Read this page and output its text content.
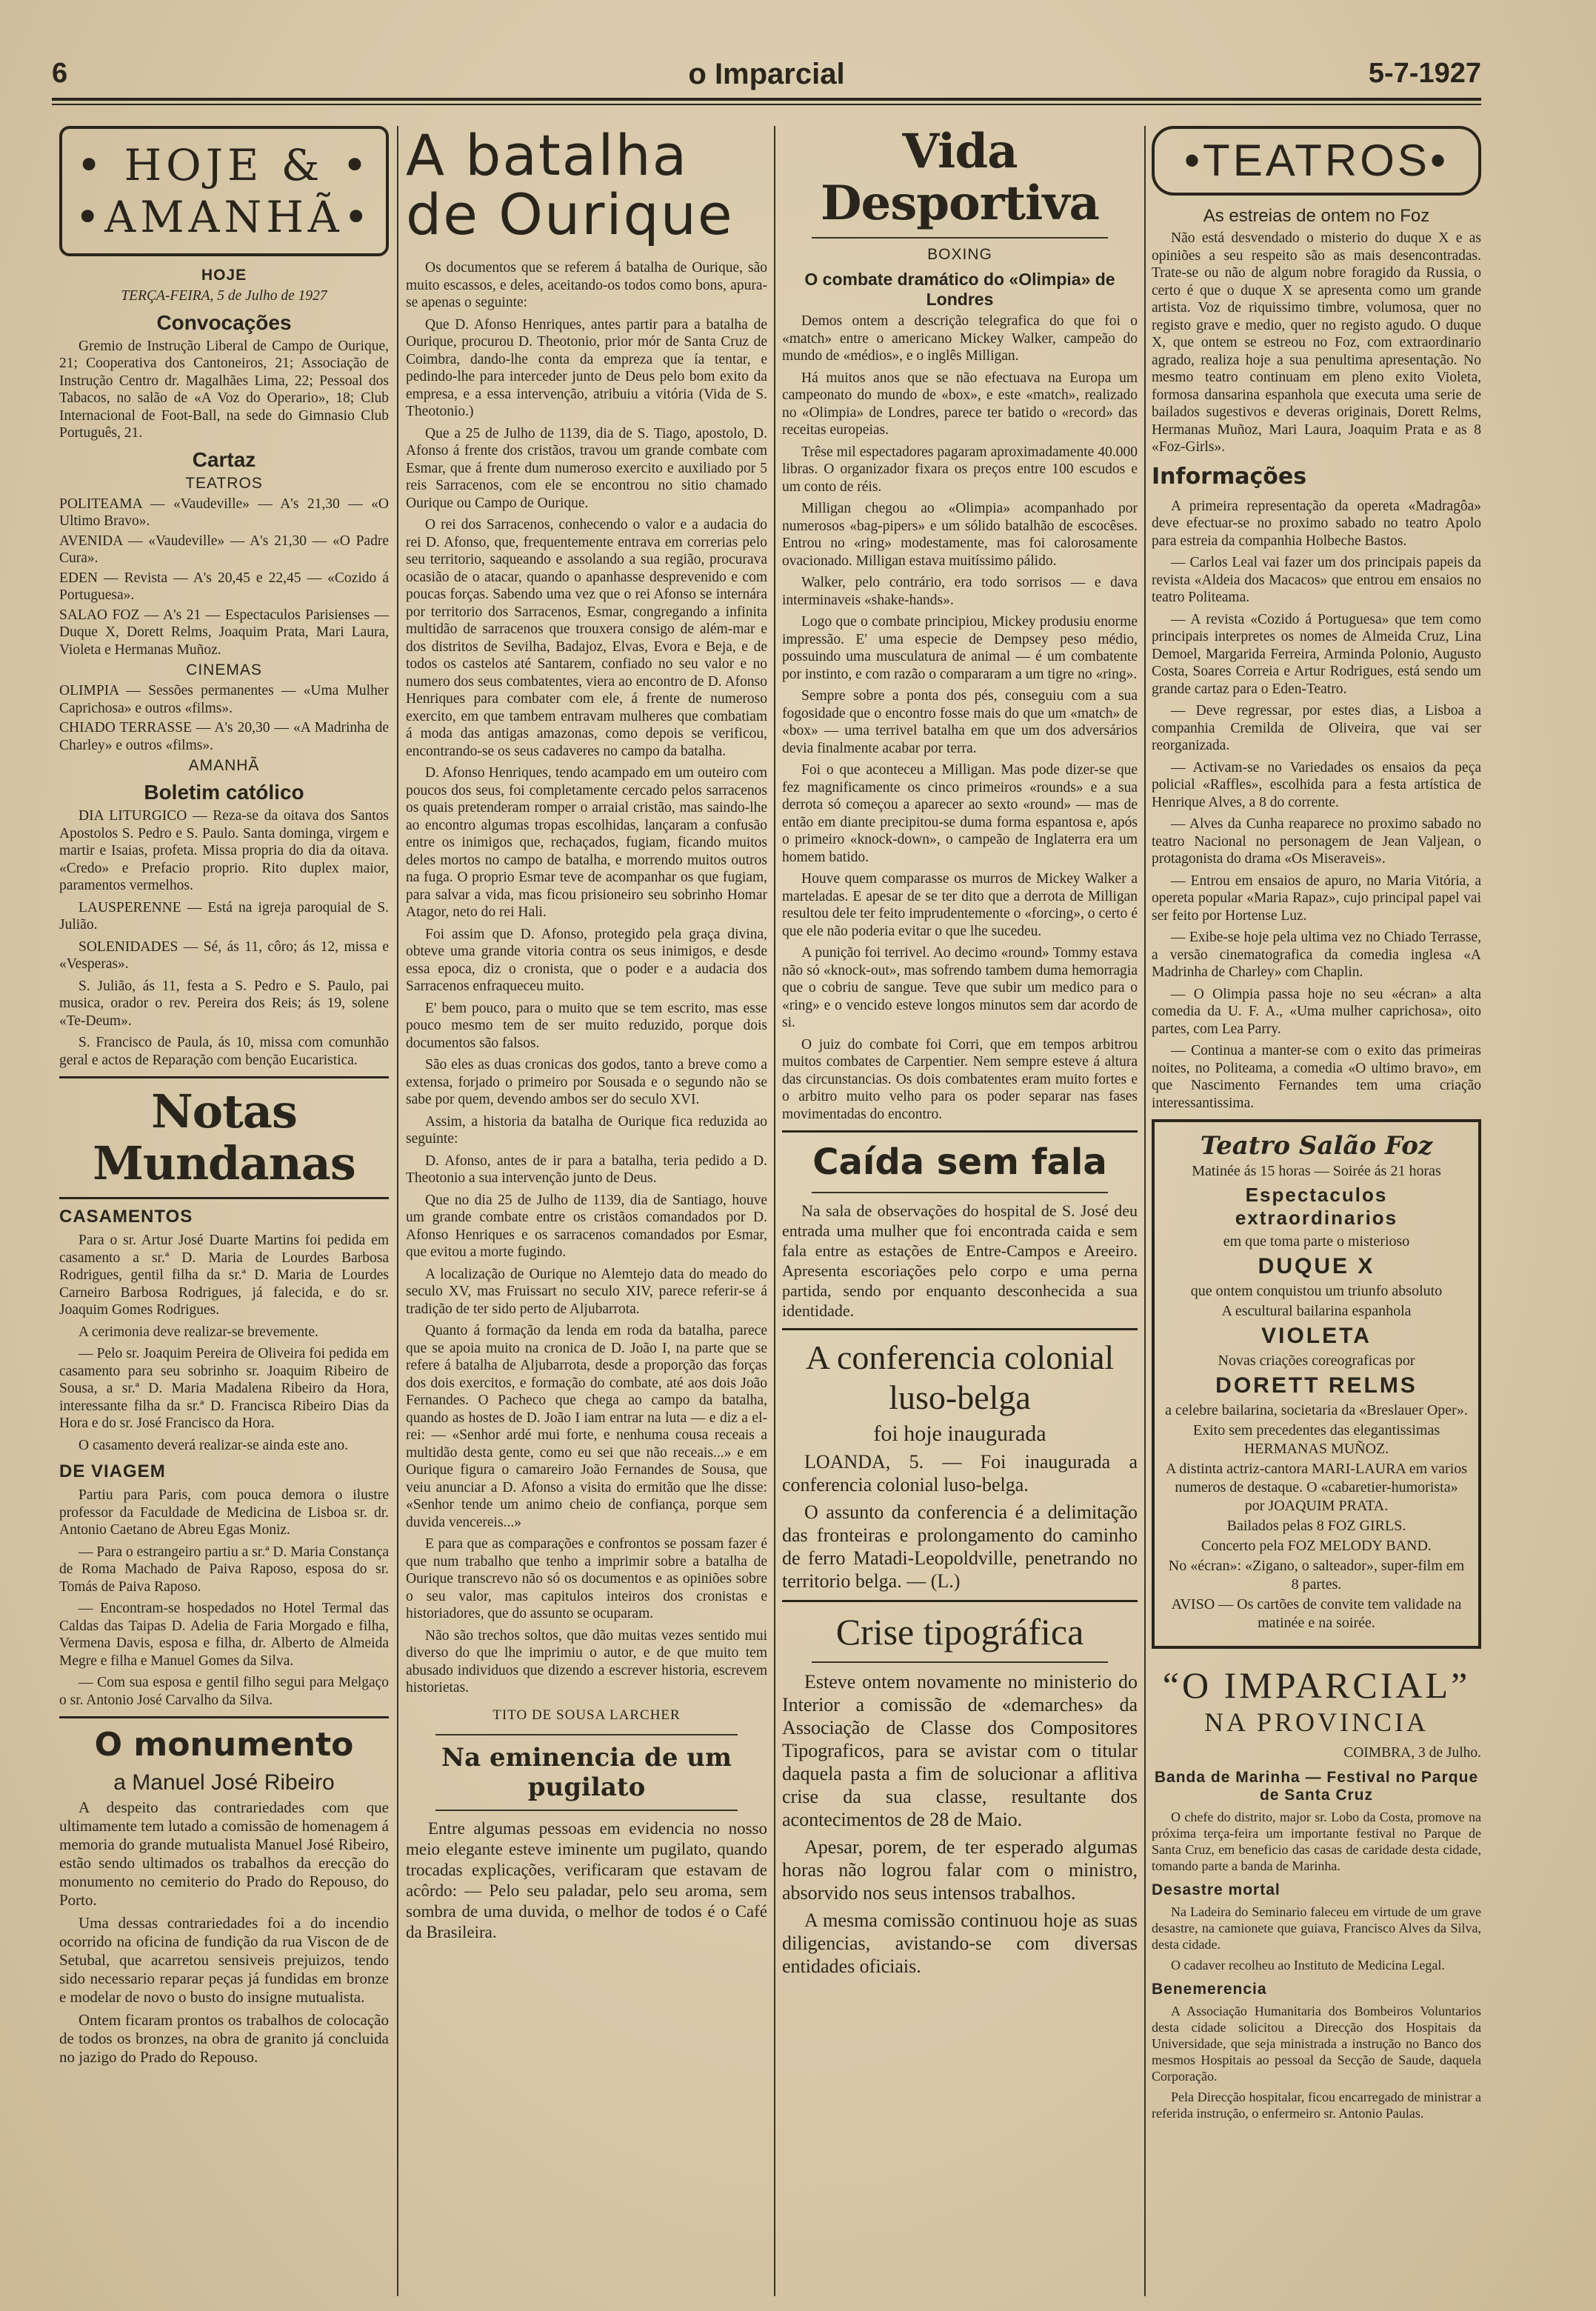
6	o Imparcial	5-7-1927
• HOJE & •
•AMANHÃ•
HOJE
TERÇA-FEIRA, 5 de Julho de 1927
Convocações

Gremio de Instrução Liberal de Campo de Ourique, 21; Cooperativa dos Cantoneiros, 21; Associação de Instrução Centro dr. Magalhães Lima, 22; Pessoal dos Tabacos, no salão de «A Voz do Operario», 18; Club Internacional de Foot-Ball, na sede do Gimnasio Club Português, 21.

Cartaz
TEATROS

POLITEAMA — «Vaudeville» — A's 21,30 — «O Ultimo Bravo».

AVENIDA — «Vaudeville» — A's 21,30 — «O Padre Cura».

EDEN — Revista — A's 20,45 e 22,45 — «Cozido á Portuguesa».

SALAO FOZ — A's 21 — Espectaculos Parisienses — Duque X, Dorett Relms, Joaquim Prata, Mari Laura, Violeta e Hermanas Muñoz.

CINEMAS

OLIMPIA — Sessões permanentes — «Uma Mulher Caprichosa» e outros «films».

CHIADO TERRASSE — A's 20,30 — «A Madrinha de Charley» e outros «films».

AMANHÃ
Boletim católico

DIA LITURGICO — Reza-se da oitava dos Santos Apostolos S. Pedro e S. Paulo. Santa dominga, virgem e martir e Isaias, profeta. Missa propria do dia da oitava. «Credo» e Prefacio proprio. Rito duplex maior, paramentos vermelhos.

LAUSPERENNE — Está na igreja paroquial de S. Julião.

SOLENIDADES — Sé, ás 11, côro; ás 12, missa e «Vesperas».

S. Julião, ás 11, festa a S. Pedro e S. Paulo, pai musica, orador o rev. Pereira dos Reis; ás 19, solene «Te-Deum».

S. Francisco de Paula, ás 10, missa com comunhão geral e actos de Reparação com benção Eucaristica.

Notas Mundanas
CASAMENTOS

Para o sr. Artur José Duarte Martins foi pedida em casamento a sr.ª D. Maria de Lourdes Barbosa Rodrigues, gentil filha da sr.ª D. Maria de Lourdes Carneiro Barbosa Rodrigues, já falecida, e do sr. Joaquim Gomes Rodrigues.

A cerimonia deve realizar-se brevemente.

— Pelo sr. Joaquim Pereira de Oliveira foi pedida em casamento para seu sobrinho sr. Joaquim Ribeiro de Sousa, a sr.ª D. Maria Madalena Ribeiro da Hora, interessante filha da sr.ª D. Francisca Ribeiro Dias da Hora e do sr. José Francisco da Hora.

O casamento deverá realizar-se ainda este ano.

DE VIAGEM

Partiu para Paris, com pouca demora o ilustre professor da Faculdade de Medicina de Lisboa sr. dr. Antonio Caetano de Abreu Egas Moniz.

— Para o estrangeiro partiu a sr.ª D. Maria Constança de Roma Machado de Paiva Raposo, esposa do sr. Tomás de Paiva Raposo.

— Encontram-se hospedados no Hotel Termal das Caldas das Taipas D. Adelia de Faria Morgado e filha, Vermena Davis, esposa e filha, dr. Alberto de Almeida Megre e filha e Manuel Gomes da Silva.

— Com sua esposa e gentil filho segui para Melgaço o sr. Antonio José Carvalho da Silva.

O monumento
a Manuel José Ribeiro

A despeito das contrariedades com que ultimamente tem lutado a comissão de homenagem á memoria do grande mutualista Manuel José Ribeiro, estão sendo ultimados os trabalhos da erecção do monumento no cemiterio do Prado do Repouso, do Porto.

Uma dessas contrariedades foi a do incendio ocorrido na oficina de fundição da rua Viscon de de Setubal, que acarretou sensiveis prejuizos, tendo sido necessario reparar peças já fundidas em bronze e modelar de novo o busto do insigne mutualista.

Ontem ficaram prontos os trabalhos de colocação de todos os bronzes, na obra de granito já concluida no jazigo do Prado do Repouso.

A batalha
de Ourique

Os documentos que se referem á batalha de Ourique, são muito escassos, e deles, aceitando-os todos como bons, apura-se apenas o seguinte:

Que D. Afonso Henriques, antes partir para a batalha de Ourique, procurou D. Theotonio, prior mór de Santa Cruz de Coimbra, dando-lhe conta da empreza que ía tentar, e pedindo-lhe para interceder junto de Deus pelo bom exito da empresa, e a essa intervenção, atribuiu a vitória (Vida de S. Theotonio.)

Que a 25 de Julho de 1139, dia de S. Tiago, apostolo, D. Afonso á frente dos cristãos, travou um grande combate com Esmar, que á frente dum numeroso exercito e auxiliado por 5 reis Sarracenos, com ele se encontrou no sitio chamado Ourique ou Campo de Ourique.

O rei dos Sarracenos, conhecendo o valor e a audacia do rei D. Afonso, que, frequentemente entrava em correrias pelo seu territorio, saqueando e assolando a sua região, procurava ocasião de o atacar, quando o apanhasse desprevenido e com poucas forças. Sabendo uma vez que o rei Afonso se internára por territorio dos Sarracenos, Esmar, congregando a infinita multidão de sarracenos que trouxera consigo de além-mar e dos distritos de Sevilha, Badajoz, Elvas, Evora e Beja, e de todos os castelos até Santarem, confiado no seu valor e no numero dos seus combatentes, viera ao encontro de D. Afonso Henriques para combater com ele, á frente de numeroso exercito, em que tambem entravam mulheres que combatiam á moda das antigas amazonas, como depois se verificou, encontrando-se os seus cadaveres no campo da batalha.

D. Afonso Henriques, tendo acampado em um outeiro com poucos dos seus, foi completamente cercado pelos sarracenos os quais pretenderam romper o arraial cristão, mas saindo-lhe ao encontro algumas tropas escolhidas, lançaram a confusão entre os inimigos que, rechaçados, fugiam, ficando muitos deles mortos no campo de batalha, e morrendo muitos outros na fuga. O proprio Esmar teve de acompanhar os que fugiam, para salvar a vida, mas ficou prisioneiro seu sobrinho Homar Atagor, neto do rei Hali.

Foi assim que D. Afonso, protegido pela graça divina, obteve uma grande vitoria contra os seus inimigos, e desde essa epoca, diz o cronista, que o poder e a audacia dos Sarracenos enfraqueceu muito.

E' bem pouco, para o muito que se tem escrito, mas esse pouco mesmo tem de ser muito reduzido, porque dois documentos são falsos.

São eles as duas cronicas dos godos, tanto a breve como a extensa, forjado o primeiro por Sousada e o segundo não se sabe por quem, devendo ambos ser do seculo XVI.

Assim, a historia da batalha de Ourique fica reduzida ao seguinte:

D. Afonso, antes de ir para a batalha, teria pedido a D. Theotonio a sua intervenção junto de Deus.

Que no dia 25 de Julho de 1139, dia de Santiago, houve um grande combate entre os cristãos comandados por D. Afonso Henriques e os sarracenos comandados por Esmar, que evitou a morte fugindo.

A localização de Ourique no Alemtejo data do meado do seculo XV, mas Fruissart no seculo XIV, parece referir-se á tradição de ter sido perto de Aljubarrota.

Quanto á formação da lenda em roda da batalha, parece que se apoia muito na cronica de D. João I, na parte que se refere á batalha de Aljubarrota, desde a proporção das forças dos dois exercitos, e formação do combate, até aos dois João Fernandes. O Pacheco que chega ao campo da batalha, quando as hostes de D. João I iam entrar na luta — e diz a el-rei: — «Senhor ardé mui forte, e nenhuma cousa receais a multidão desta gente, como eu sei que não receais...» e em Ourique figura o camareiro João Fernandes de Sousa, que veiu anunciar a D. Afonso a visita do ermitão que lhe disse: «Senhor tende um animo cheio de confiança, porque sem duvida vencereis...»

E para que as comparações e confrontos se possam fazer é que num trabalho que tenho a imprimir sobre a batalha de Ourique transcrevo não só os documentos e as opiniões sobre o seu valor, mas capitulos inteiros dos cronistas e historiadores, que do assunto se ocuparam.

Não são trechos soltos, que dão muitas vezes sentido mui diverso do que lhe imprimiu o autor, e de que muito tem abusado individuos que dizendo a escrever historia, escrevem historietas.

TITO DE SOUSA LARCHER
Na eminencia de um pugilato

Entre algumas pessoas em evidencia no nosso meio elegante esteve iminente um pugilato, quando trocadas explicações, verificaram que estavam de acôrdo: — Pelo seu paladar, pelo seu aroma, sem sombra de uma duvida, o melhor de todos é o Café da Brasileira.

Vida Desportiva
BOXING
O combate dramático do «Olimpia» de Londres

Demos ontem a descrição telegrafica do que foi o «match» entre o americano Mickey Walker, campeão do mundo de «médios», e o inglês Milligan.

Há muitos anos que se não efectuava na Europa um campeonato do mundo de «box», e este «match», realizado no «Olimpia» de Londres, parece ter batido o «record» das receitas europeias.

Trêse mil espectadores pagaram aproximadamente 40.000 libras. O organizador fixara os preços entre 100 escudos e um conto de réis.

Milligan chegou ao «Olimpia» acompanhado por numerosos «bag-pipers» e um sólido batalhão de escocêses. Entrou no «ring» modestamente, mas foi calorosamente ovacionado. Milligan estava muitíssimo pálido.

Walker, pelo contrário, era todo sorrisos — e dava interminaveis «shake-hands».

Logo que o combate principiou, Mickey produsiu enorme impressão. E' uma especie de Dempsey peso médio, possuindo uma musculatura de animal — é um combatente por instinto, e com razão o compararam a um tigre no «ring».

Sempre sobre a ponta dos pés, conseguiu com a sua fogosidade que o encontro fosse mais do que um «match» de «box» — uma terrivel batalha em que um dos adversários devia finalmente acabar por terra.

Foi o que aconteceu a Milligan. Mas pode dizer-se que fez magnificamente os cinco primeiros «rounds» e a sua derrota só começou a aparecer ao sexto «round» — mas de então em diante precipitou-se duma forma espantosa e, após o primeiro «knock-down», o campeão de Inglaterra era um homem batido.

Houve quem comparasse os murros de Mickey Walker a marteladas. E apesar de se ter dito que a derrota de Milligan resultou dele ter feito imprudentemente o «forcing», o certo é que ele não poderia evitar o que lhe sucedeu.

A punição foi terrivel. Ao decimo «round» Tommy estava não só «knock-out», mas sofrendo tambem duma hemorragia que o cobriu de sangue. Teve que subir um medico para o «ring» e o vencido esteve longos minutos sem dar acordo de si.

O juiz do combate foi Corri, que em tempos arbitrou muitos combates de Carpentier. Nem sempre esteve á altura das circunstancias. Os dois combatentes eram muito fortes e o arbitro muito velho para os poder separar nas fases movimentadas do encontro.

Caída sem fala

Na sala de observações do hospital de S. José deu entrada uma mulher que foi encontrada caida e sem fala entre as estações de Entre-Campos e Areeiro. Apresenta escoriações pelo corpo e uma perna partida, sendo por enquanto desconhecida a sua identidade.

A conferencia colonial
luso-belga
foi hoje inaugurada

LOANDA, 5. — Foi inaugurada a conferencia colonial luso-belga.

O assunto da conferencia é a delimitação das fronteiras e prolongamento do caminho de ferro Matadi-Leopoldville, penetrando no territorio belga. — (L.)

Crise tipográfica

Esteve ontem novamente no ministerio do Interior a comissão de «demarches» da Associação de Classe dos Compositores Tipograficos, para se avistar com o titular daquela pasta a fim de solucionar a aflitiva crise da sua classe, resultante dos acontecimentos de 28 de Maio.

Apesar, porem, de ter esperado algumas horas não logrou falar com o ministro, absorvido nos seus intensos trabalhos.

A mesma comissão continuou hoje as suas diligencias, avistando-se com diversas entidades oficiais.

•TEATROS•
As estreias de ontem no Foz

Não está desvendado o misterio do duque X e as opiniões a seu respeito são as mais desencontradas. Trate-se ou não de algum nobre foragido da Russia, o certo é que o duque X se apresenta como um grande artista. Voz de riquissimo timbre, volumosa, quer no registo grave e medio, quer no registo agudo. O duque X, que ontem se estreou no Foz, com extraordinario agrado, realiza hoje a sua penultima apresentação. No mesmo teatro continuam em pleno exito Violeta, formosa dansarina espanhola que executa uma serie de bailados sugestivos e deveras originais, Dorett Relms, Hermanas Muñoz, Mari Laura, Joaquim Prata e as 8 «Foz-Girls».

Informações

A primeira representação da opereta «Madragôa» deve efectuar-se no proximo sabado no teatro Apolo para estreia da companhia Holbeche Bastos.

— Carlos Leal vai fazer um dos principais papeis da revista «Aldeia dos Macacos» que entrou em ensaios no teatro Politeama.

— A revista «Cozido á Portuguesa» que tem como principais interpretes os nomes de Almeida Cruz, Lina Demoel, Margarida Ferreira, Arminda Polonio, Augusto Costa, Soares Correia e Artur Rodrigues, está sendo um grande cartaz para o Eden-Teatro.

— Deve regressar, por estes dias, a Lisboa a companhia Cremilda de Oliveira, que vai ser reorganizada.

— Activam-se no Variedades os ensaios da peça policial «Raffles», escolhida para a festa artística de Henrique Alves, a 8 do corrente.

— Alves da Cunha reaparece no proximo sabado no teatro Nacional no personagem de Jean Valjean, o protagonista do drama «Os Miseraveis».

— Entrou em ensaios de apuro, no Maria Vitória, a opereta popular «Maria Rapaz», cujo principal papel vai ser feito por Hortense Luz.

— Exibe-se hoje pela ultima vez no Chiado Terrasse, a versão cinematografica da comedia inglesa «A Madrinha de Charley» com Chaplin.

— O Olimpia passa hoje no seu «écran» a alta comedia da U. F. A., «Uma mulher caprichosa», oito partes, com Lea Parry.

— Continua a manter-se com o exito das primeiras noites, no Politeama, a comedia «O ultimo bravo», em que Nascimento Fernandes tem uma criação interessantissima.

Teatro Salão Foz
Matinée ás 15 horas — Soirée ás 21 horas
Espectaculos extraordinarios
em que toma parte o misterioso
DUQUE X
que ontem conquistou um triunfo absoluto
A escultural bailarina espanhola
VIOLETA
Novas criações coreograficas por
DORETT RELMS
a celebre bailarina, societaria da «Breslauer Oper».
Exito sem precedentes das elegantissimas HERMANAS MUÑOZ.
A distinta actriz-cantora MARI-LAURA em varios numeros de destaque. O «cabaretier-humorista» por JOAQUIM PRATA.
Bailados pelas 8 FOZ GIRLS.
Concerto pela FOZ MELODY BAND.
No «écran»: «Zigano, o salteador», super-film em 8 partes.
AVISO — Os cartões de convite tem validade na matinée e na soirée.
“O IMPARCIAL”
NA PROVINCIA
COIMBRA, 3 de Julho.
Banda de Marinha — Festival no Parque de Santa Cruz

O chefe do distrito, major sr. Lobo da Costa, promove na próxima terça-feira um importante festival no Parque de Santa Cruz, em beneficio das casas de caridade desta cidade, tomando parte a banda de Marinha.

Desastre mortal

Na Ladeira do Seminario faleceu em virtude de um grave desastre, na camionete que guiava, Francisco Alves da Silva, desta cidade.

O cadaver recolheu ao Instituto de Medicina Legal.

Benemerencia

A Associação Humanitaria dos Bombeiros Voluntarios desta cidade solicitou a Direcção dos Hospitais da Universidade, que seja ministrada a instrução no Banco dos mesmos Hospitais ao pessoal da Secção de Saude, daquela Corporação.

Pela Direcção hospitalar, ficou encarregado de ministrar a referida instrução, o enfermeiro sr. Antonio Paulas.
